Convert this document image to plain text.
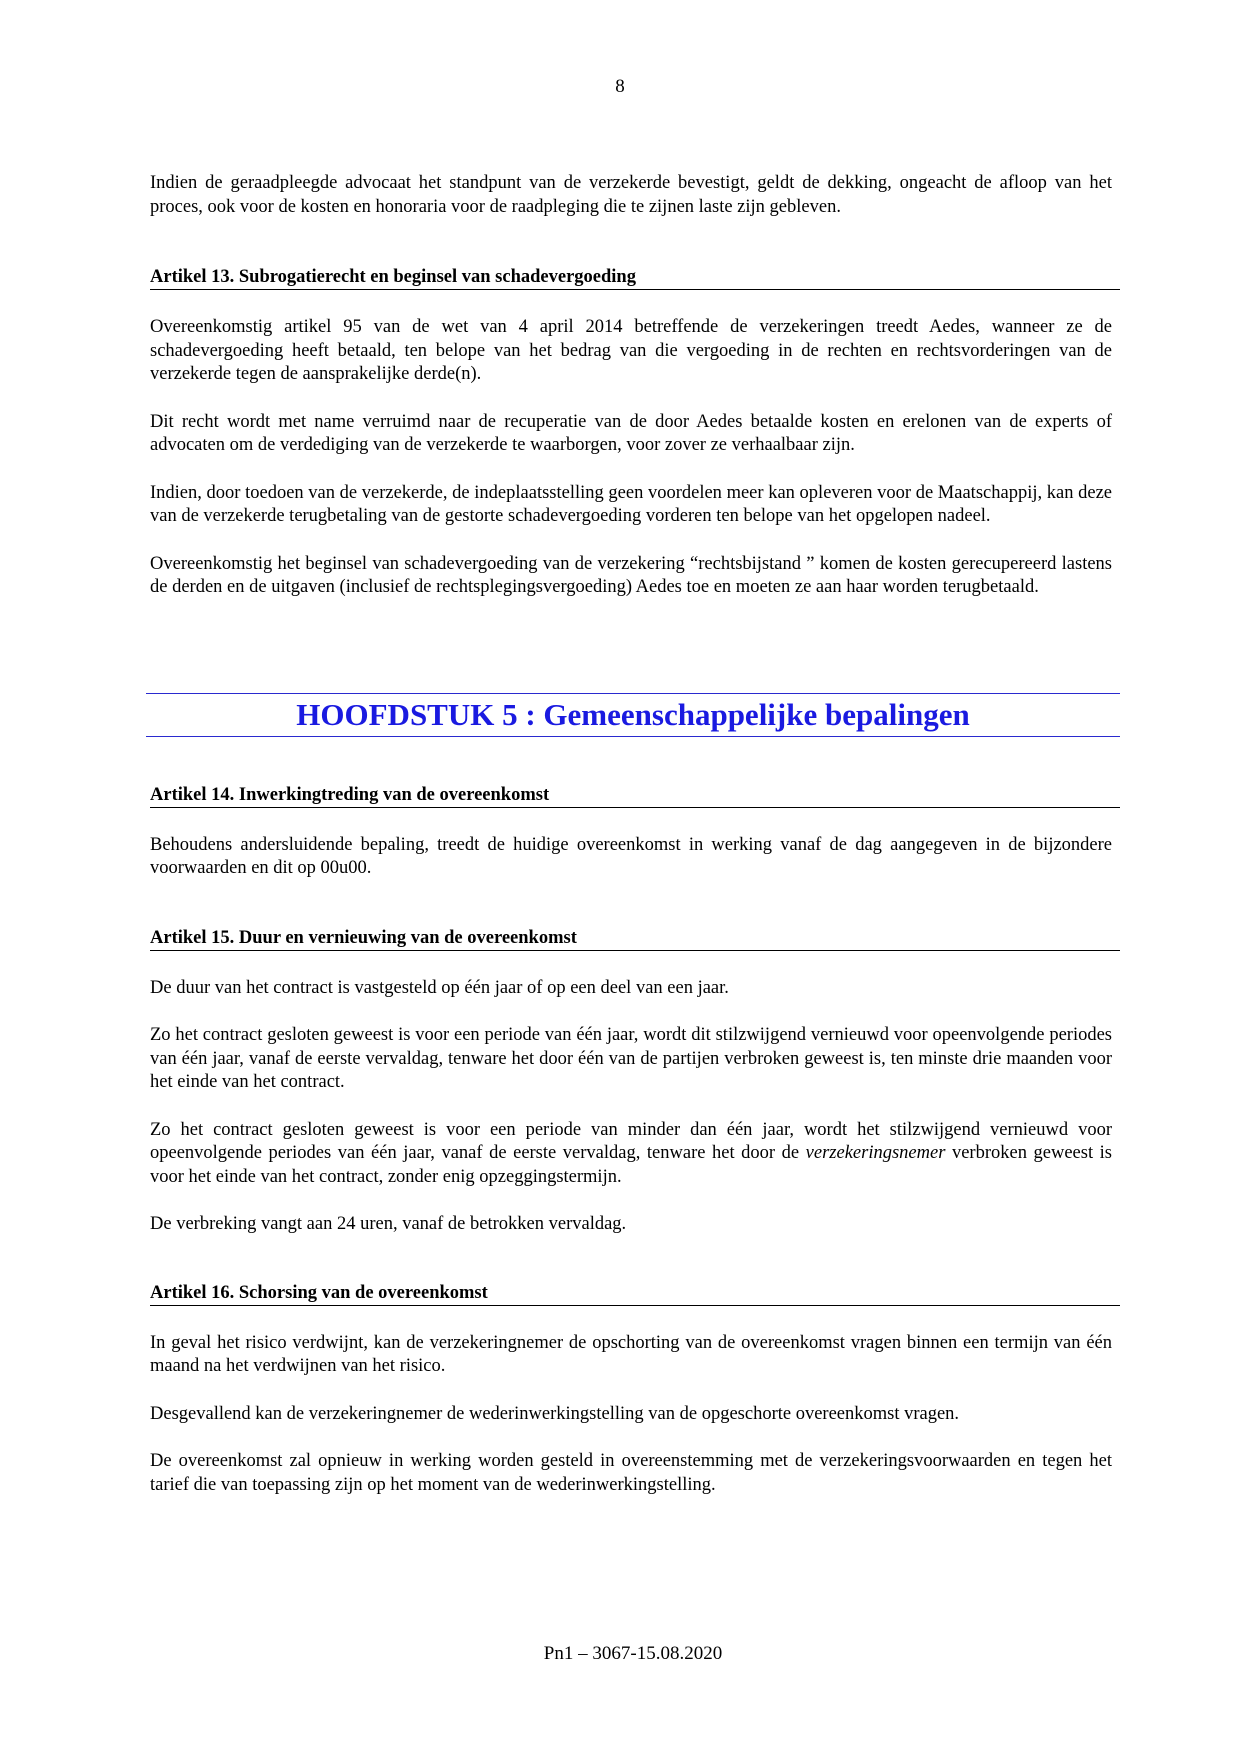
8

Indien de geraadpleegde advocaat het standpunt van de verzekerde bevestigt, geldt de dekking, ongeacht de afloop van het proces, ook voor de kosten en honoraria voor de raadpleging die te zijnen laste zijn gebleven.

Artikel 13. Subrogatierecht en beginsel van schadevergoeding

Overeenkomstig artikel 95 van de wet van 4 april 2014 betreffende de verzekeringen treedt Aedes, wanneer ze de schadevergoeding heeft betaald, ten belope van het bedrag van die vergoeding in de rechten en rechtsvorderingen van de verzekerde tegen de aansprakelijke derde(n).

Dit recht wordt met name verruimd naar de recuperatie van de door Aedes betaalde kosten en erelonen van de experts of advocaten om de verdediging van de verzekerde te waarborgen, voor zover ze verhaalbaar zijn.

Indien, door toedoen van de verzekerde, de indeplaatsstelling geen voordelen meer kan opleveren voor de Maatschappij, kan deze van de verzekerde terugbetaling van de gestorte schadevergoeding vorderen ten belope van het opgelopen nadeel.

Overeenkomstig het beginsel van schadevergoeding van de verzekering “rechtsbijstand ” komen de kosten gerecupereerd lastens de derden en de uitgaven (inclusief de rechtsplegingsvergoeding) Aedes toe en moeten ze aan haar worden terugbetaald.

HOOFDSTUK 5 : Gemeenschappelijke bepalingen
Artikel 14. Inwerkingtreding van de overeenkomst

Behoudens andersluidende bepaling, treedt de huidige overeenkomst in werking vanaf de dag aangegeven in de bijzondere voorwaarden en dit op 00u00.

Artikel 15. Duur en vernieuwing van de overeenkomst

De duur van het contract is vastgesteld op één jaar of op een deel van een jaar.

Zo het contract gesloten geweest is voor een periode van één jaar, wordt dit stilzwijgend vernieuwd voor opeenvolgende periodes van één jaar, vanaf de eerste vervaldag, tenware het door één van de partijen verbroken geweest is, ten minste drie maanden voor het einde van het contract.

Zo het contract gesloten geweest is voor een periode van minder dan één jaar, wordt het stilzwijgend vernieuwd voor opeenvolgende periodes van één jaar, vanaf de eerste vervaldag, tenware het door de verzekeringsnemer verbroken geweest is voor het einde van het contract, zonder enig opzeggingstermijn.

De verbreking vangt aan 24 uren, vanaf de betrokken vervaldag.

Artikel 16. Schorsing van de overeenkomst

In geval het risico verdwijnt, kan de verzekeringnemer de opschorting van de overeenkomst vragen binnen een termijn van één maand na het verdwijnen van het risico.

Desgevallend kan de verzekeringnemer de wederinwerkingstelling van de opgeschorte overeenkomst vragen.

De overeenkomst zal opnieuw in werking worden gesteld in overeenstemming met de verzekeringsvoorwaarden en tegen het tarief die van toepassing zijn op het moment van de wederinwerkingstelling.

Pn1 – 3067-15.08.2020
